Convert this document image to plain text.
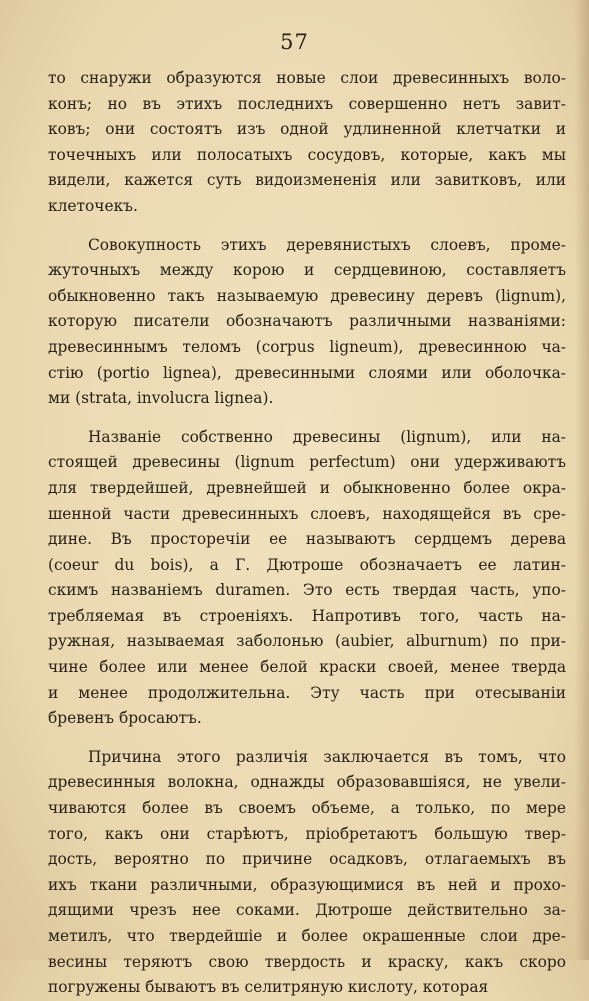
57
то снаружи образуются новые слои древесинныхъ воло-
конъ; но въ этихъ последнихъ совершенно нетъ завит-
ковъ; они состоятъ изъ одной удлиненной клетчатки и
точечныхъ или полосатыхъ сосудовъ, которые, какъ мы
видели, кажется суть видоизмененія или завитковъ, или
клеточекъ.
Совокупность этихъ деревянистыхъ слоевъ, проме-
жуточныхъ между корою и сердцевиною, составляетъ
обыкновенно такъ называемую древесину деревъ (lignum),
которую писатели обозначаютъ различными названіями:
древесиннымъ теломъ (corpus ligneum), древесинною ча-
стію (portio lignea), древесинными слоями или оболочка-
ми (strata, involucra lignea).
Названіе собственно древесины (lignum), или на-
стоящей древесины (lignum perfectum) они удерживаютъ
для твердейшей, древнейшей и обыкновенно более окра-
шенной части древесинныхъ слоевъ, находящейся въ сре-
дине. Въ просторечіи ее называютъ сердцемъ дерева
(coeur du bois), а Г. Дютроше обозначаетъ ее латин-
скимъ названіемъ duramen. Это есть твердая часть, упо-
требляемая въ строеніяхъ. Напротивъ того, часть на-
ружная, называемая заболонью (aubier, alburnum) по при-
чине более или менее белой краски своей, менее тверда
и менее продолжительна. Эту часть при отесываніи
бревенъ бросаютъ.
Причина этого различія заключается въ томъ, что
древесинныя волокна, однажды образовавшіяся, не увели-
чиваются более въ своемъ объеме, а только, по мере
того, какъ они старѣютъ, пріобретаютъ большую твер-
дость, вероятно по причине осадковъ, отлагаемыхъ въ
ихъ ткани различными, образующимися въ ней и прохо-
дящими чрезъ нее соками. Дютроше действительно за-
метилъ, что твердейшіе и более окрашенные слои дре-
весины теряютъ свою твердость и краску, какъ скоро
погружены бываютъ въ селитряную кислоту, которая
